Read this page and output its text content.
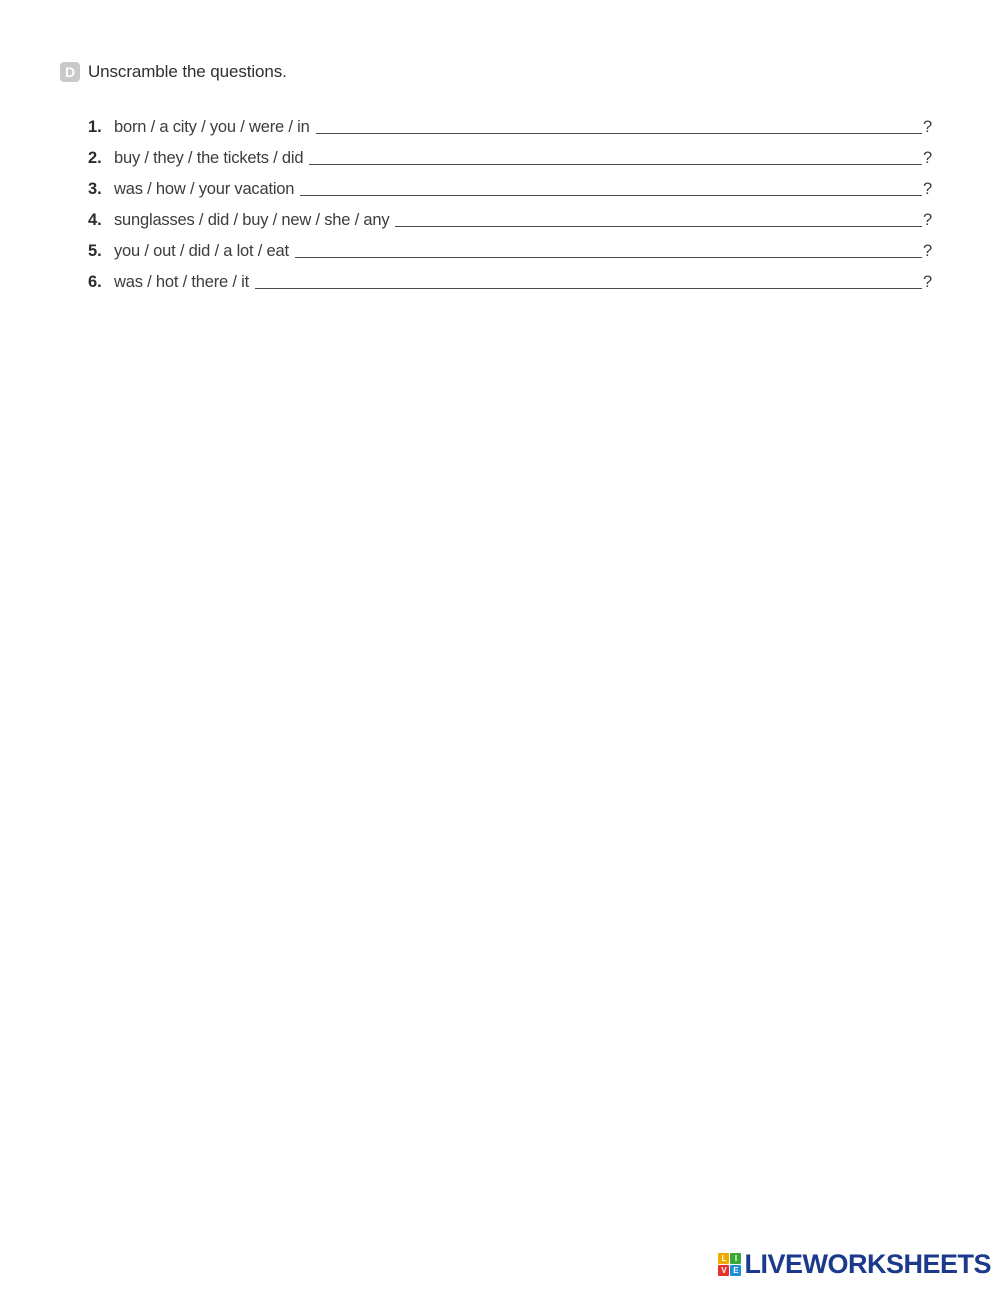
D Unscramble the questions.
1. born / a city / you / were / in	?
2. buy / they / the tickets / did	?
3. was / how / your vacation	?
4. sunglasses / did / buy / new / she / any	?
5. you / out / did / a lot / eat	?
6. was / hot / there / it	?
L	I
V E LIVEWORKSHEETS
